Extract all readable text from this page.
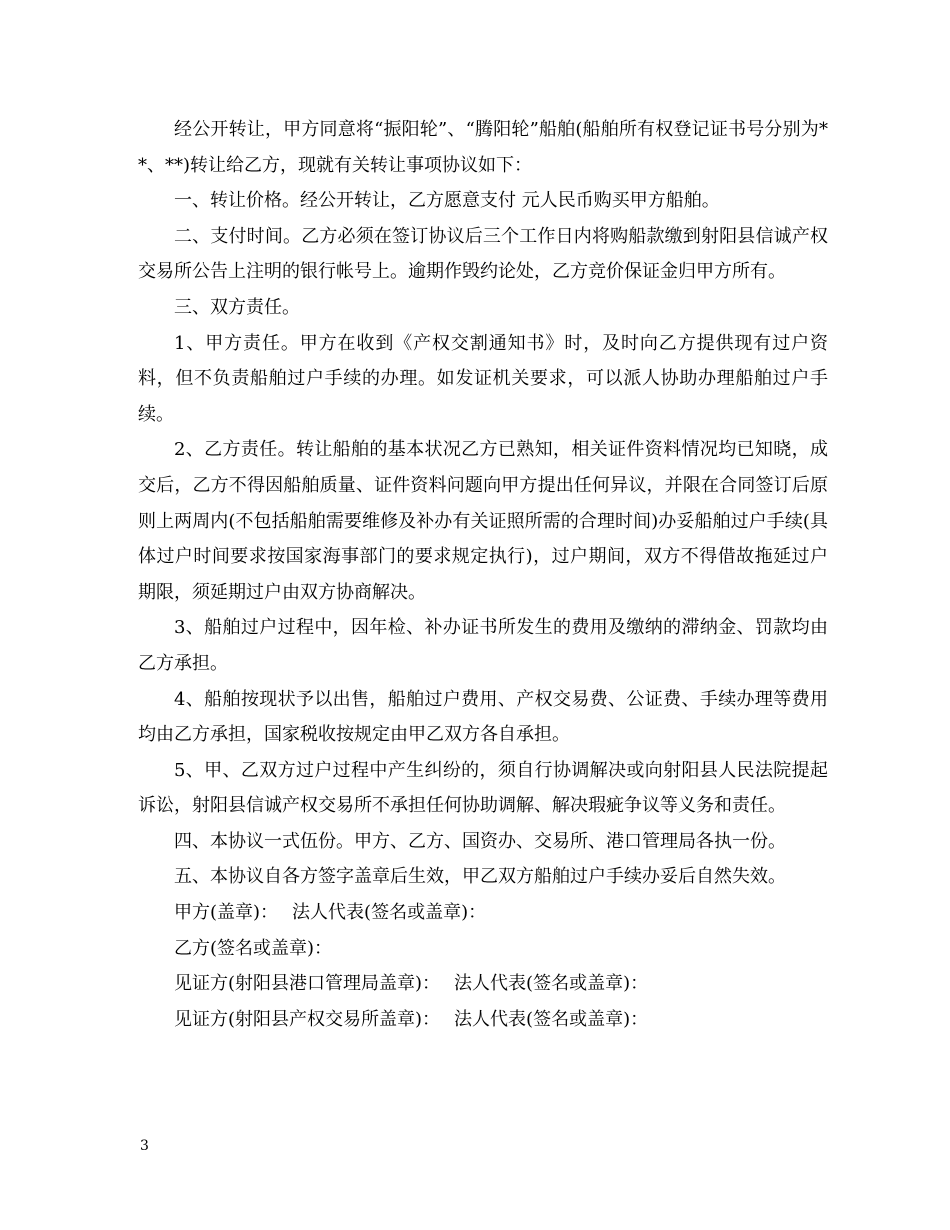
经公开转让，甲方同意将“振阳轮”、“腾阳轮”船舶(船舶所有权登记证书号分别为**、**)转让给乙方，现就有关转让事项协议如下：

一、转让价格。经公开转让，乙方愿意支付 元人民币购买甲方船舶。

二、支付时间。乙方必须在签订协议后三个工作日内将购船款缴到射阳县信诚产权交易所公告上注明的银行帐号上。逾期作毁约论处，乙方竞价保证金归甲方所有。

三、双方责任。

1、甲方责任。甲方在收到《产权交割通知书》时，及时向乙方提供现有过户资料，但不负责船舶过户手续的办理。如发证机关要求，可以派人协助办理船舶过户手续。

2、乙方责任。转让船舶的基本状况乙方已熟知，相关证件资料情况均已知晓，成交后，乙方不得因船舶质量、证件资料问题向甲方提出任何异议，并限在合同签订后原则上两周内(不包括船舶需要维修及补办有关证照所需的合理时间)办妥船舶过户手续(具体过户时间要求按国家海事部门的要求规定执行)，过户期间，双方不得借故拖延过户期限，须延期过户由双方协商解决。

3、船舶过户过程中，因年检、补办证书所发生的费用及缴纳的滞纳金、罚款均由乙方承担。

4、船舶按现状予以出售，船舶过户费用、产权交易费、公证费、手续办理等费用均由乙方承担，国家税收按规定由甲乙双方各自承担。

5、甲、乙双方过户过程中产生纠纷的，须自行协调解决或向射阳县人民法院提起诉讼，射阳县信诚产权交易所不承担任何协助调解、解决瑕疵争议等义务和责任。

四、本协议一式伍份。甲方、乙方、国资办、交易所、港口管理局各执一份。

五、本协议自各方签字盖章后生效，甲乙双方船舶过户手续办妥后自然失效。

甲方(盖章)： 法人代表(签名或盖章)：
乙方(签名或盖章)：
见证方(射阳县港口管理局盖章)： 法人代表(签名或盖章)：
见证方(射阳县产权交易所盖章)： 法人代表(签名或盖章)：
3
